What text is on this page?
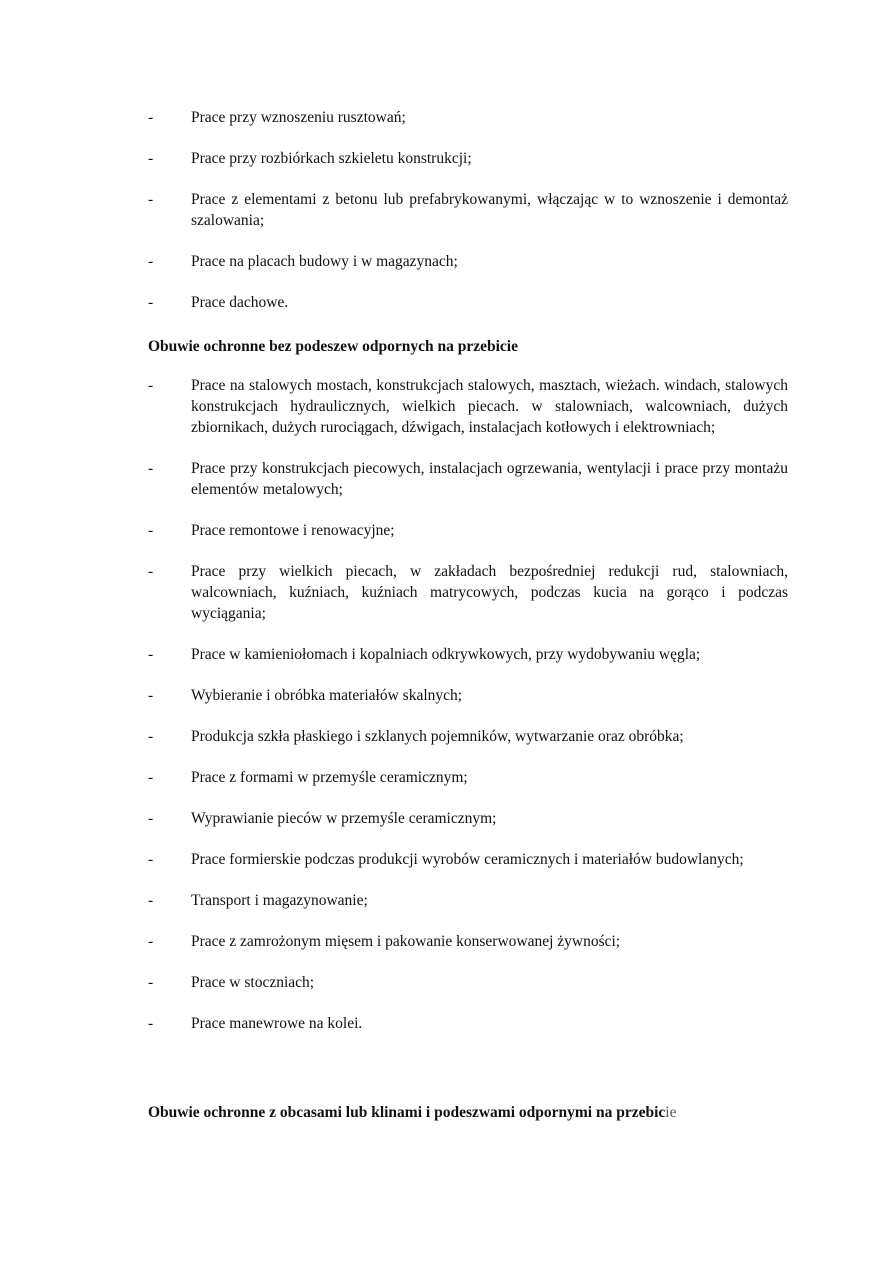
- Prace przy wznoszeniu rusztowań;
- Prace przy rozbiórkach szkieletu konstrukcji;
- Prace z elementami z betonu lub prefabrykowanymi, włączając w to wznoszenie i demontaż szalowania;
- Prace na placach budowy i w magazynach;
- Prace dachowe.
Obuwie ochronne bez podeszew odpornych na przebicie
- Prace na stalowych mostach, konstrukcjach stalowych, masztach, wieżach. windach, stalowych konstrukcjach hydraulicznych, wielkich piecach. w stalowniach, walcowniach, dużych zbiornikach, dużych rurociągach, dźwigach, instalacjach kotłowych i elektrowniach;
- Prace przy konstrukcjach piecowych, instalacjach ogrzewania, wentylacji i prace przy montażu elementów metalowych;
- Prace remontowe i renowacyjne;
- Prace przy wielkich piecach, w zakładach bezpośredniej redukcji rud, stalowniach, walcowniach, kuźniach, kuźniach matrycowych, podczas kucia na gorąco i podczas wyciągania;
- Prace w kamieniołomach i kopalniach odkrywkowych, przy wydobywaniu węgla;
- Wybieranie i obróbka materiałów skalnych;
- Produkcja szkła płaskiego i szklanych pojemników, wytwarzanie oraz obróbka;
- Prace z formami w przemyśle ceramicznym;
- Wyprawianie pieców w przemyśle ceramicznym;
- Prace formierskie podczas produkcji wyrobów ceramicznych i materiałów budowlanych;
- Transport i magazynowanie;
- Prace z zamrożonym mięsem i pakowanie konserwowanej żywności;
- Prace w stoczniach;
- Prace manewrowe na kolei.
Obuwie ochronne z obcasami lub klinami i podeszwami odpornymi na przebicie
